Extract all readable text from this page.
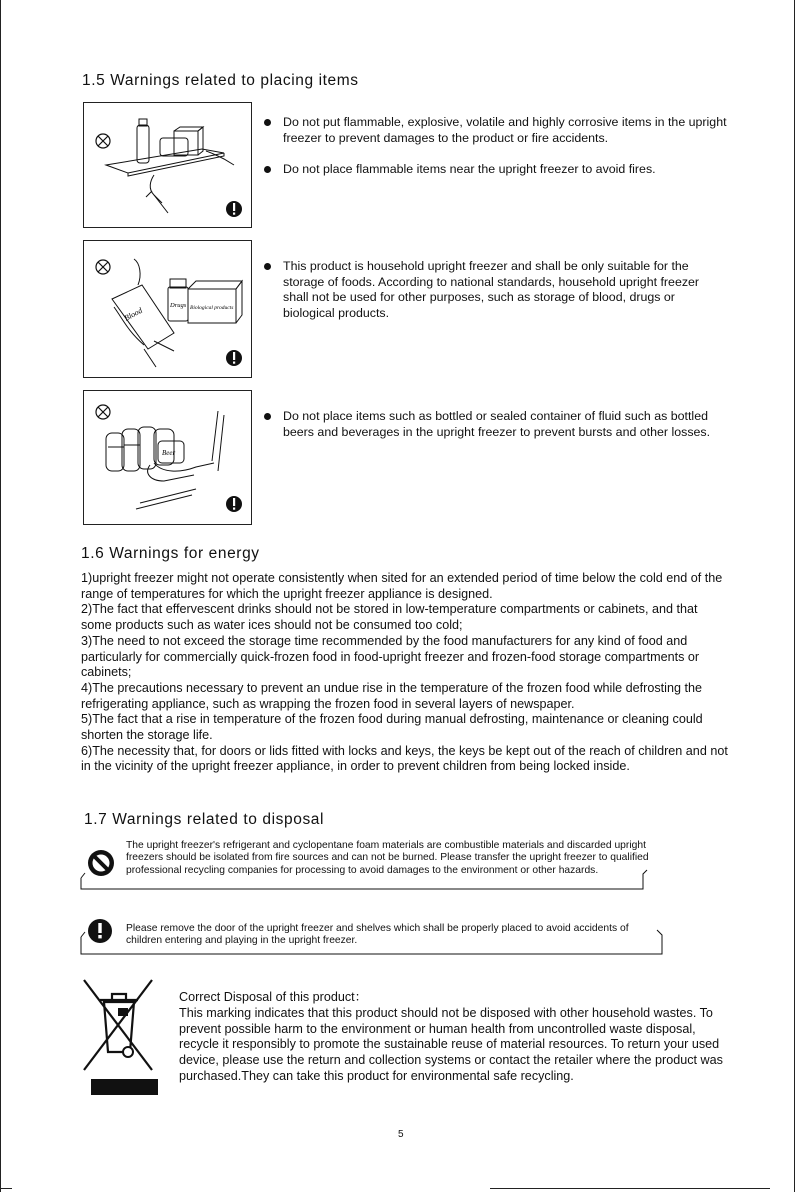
1.5 Warnings related to placing items
Do not put flammable, explosive, volatile and highly corrosive items in the upright freezer to prevent damages to the product or fire accidents.
Do not place flammable items near the upright freezer to avoid fires.
Blood
Drugs Biological products
This product is household upright freezer and shall be only suitable for the storage of foods. According to national standards, household upright freezer shall not be used for other purposes, such as storage of blood, drugs or biological products.
Beer
Do not place items such as bottled or sealed container of fluid such as bottled beers and beverages in the upright freezer to prevent bursts and other losses.
1.6 Warnings for energy

1)upright freezer might not operate consistently when sited for an extended period of time below the cold end of the range of temperatures for which the upright freezer appliance is designed.

2)The fact that effervescent drinks should not be stored in low-temperature compartments or cabinets, and that some products such as water ices should not be consumed too cold;

3)The need to not exceed the storage time recommended by the food manufacturers for any kind of food and particularly for commercially quick-frozen food in food-upright freezer and frozen-food storage compartments or cabinets;

4)The precautions necessary to prevent an undue rise in the temperature of the frozen food while defrosting the refrigerating appliance, such as wrapping the frozen food in several layers of newspaper.

5)The fact that a rise in temperature of the frozen food during manual defrosting, maintenance or cleaning could shorten the storage life.

6)The necessity that, for doors or lids fitted with locks and keys, the keys be kept out of the reach of children and not in the vicinity of the upright freezer appliance, in order to prevent children from being locked inside.

1.7 Warnings related to disposal
The upright freezer's refrigerant and cyclopentane foam materials are combustible materials and discarded upright freezers should be isolated from fire sources and can not be burned. Please transfer the upright freezer to qualified professional recycling companies for processing to avoid damages to the environment or other hazards.
Please remove the door of the upright freezer and shelves which shall be properly placed to avoid accidents of children entering and playing in the upright freezer.

Correct Disposal of this product：

This marking indicates that this product should not be disposed with other household wastes. To prevent possible harm to the environment or human health from uncontrolled waste disposal, recycle it responsibly to promote the sustainable reuse of material resources. To return your used device, please use the return and collection systems or contact the retailer where the product was purchased.They can take this product for environmental safe recycling.

5
